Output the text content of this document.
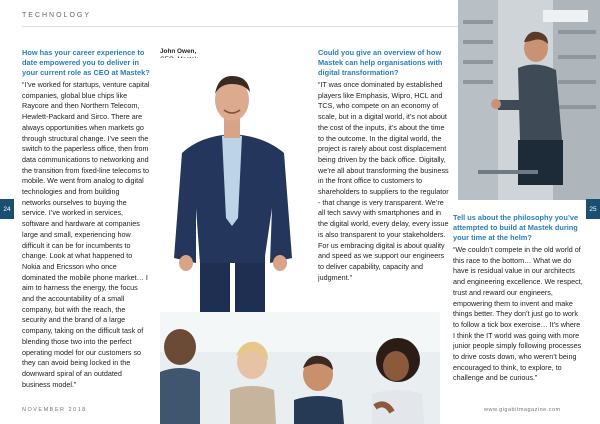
TECHNOLOGY
How has your career experience to date empowered you to deliver in your current role as CEO at Mastek?
“I’ve worked for startups, venture capital companies, global blue chips like Raycore and then Northern Telecom, Hewlett-Packard and Sirco. There are always opportunities when markets go through structural change. I’ve seen the switch to the paperless office, then from data communications to networking and the transition from fixed-line telecoms to mobile. We went from analog to digital technologies and from building networks ourselves to buying the service. I’ve worked in services, software and hardware at companies large and small, experiencing how difficult it can be for incumbents to change. Look at what happened to Nokia and Ericsson who once dominated the mobile phone market… I aim to harness the energy, the focus and the accountability of a small company, but with the reach, the security and the brand of a large company, taking on the difficult task of blending those two into the perfect operating model for our customers so they can avoid being locked in the downward spiral of an outdated business model.”
John Owen,	Could you give an overview of how Mastek can help organisations with digital transformation?
“IT was once dominated by established players like Emphasis, Wipro, HCL and TCS, who compete on an economy of scale, but in a digital world, it’s not about the cost of the inputs, it’s about the time to the outcome. In the digital world, the project is rarely about cost displacement being driven by the back office. Digitally, we’re all about transforming the business in the front office to customers to shareholders to suppliers to the regulator - that change is very transparent. We’re all tech savvy with smartphones and in the digital world, every delay, every issue is also transparent to your stakeholders. For us embracing digital is about quality and speed as we support our engineers to deliver capability, capacity and judgment.”
Tell us about the philosophy you’ve attempted to build at Mastek during your time at the helm?
“We couldn’t compete in the old world of this race to the bottom… What we do have is residual value in our architects and engineering excellence. We respect, trust and reward our engineers, empowering them to invent and make things better. They don’t just go to work to follow a tick box exercise… It’s where I think the IT world was going with more junior people simply following processes to drive costs down, who weren’t being encouraged to think, to explore, to challenge and be curious.”
24	25
NOVEMBER 2018	www.gigabitmagazine.com
